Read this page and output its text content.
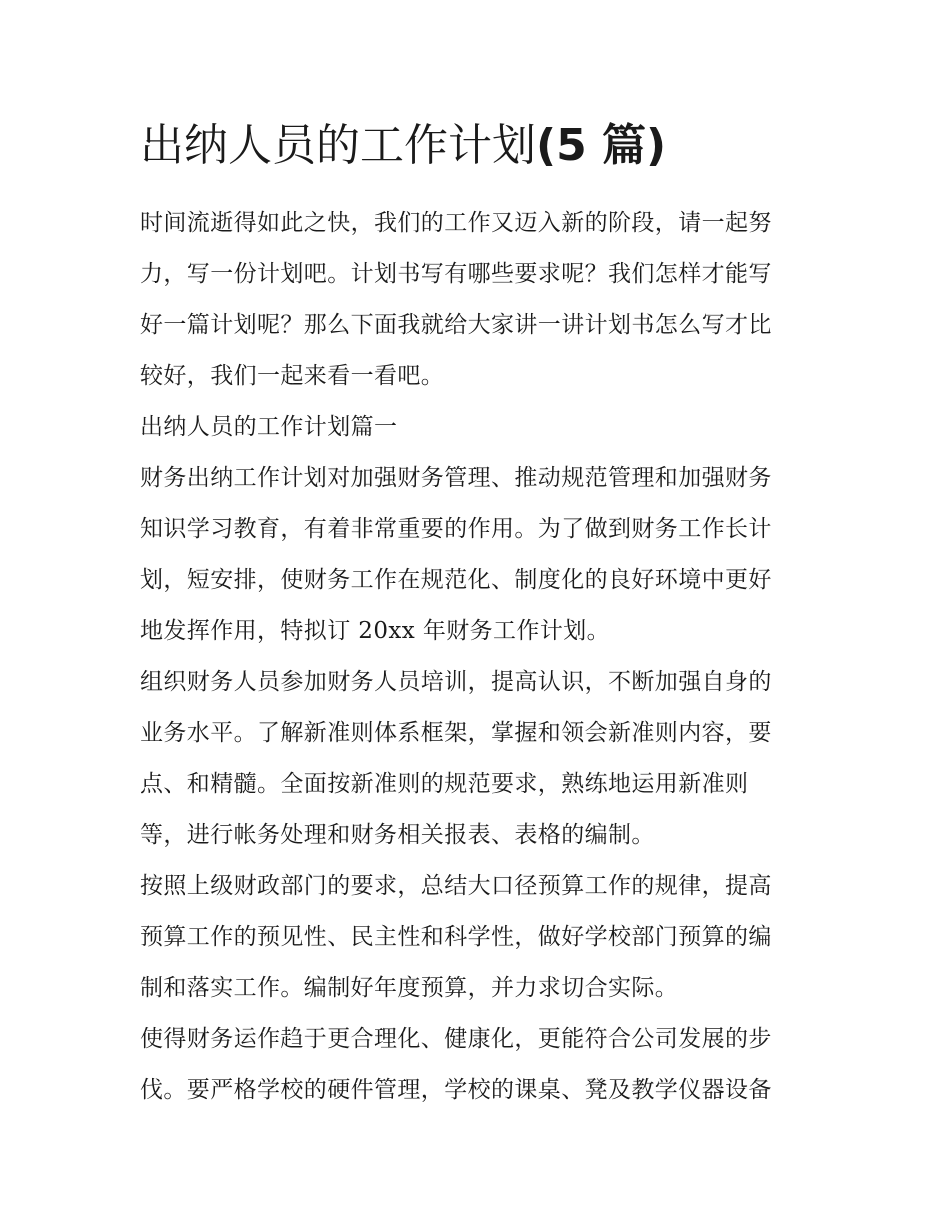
出纳人员的工作计划(5 篇)
时间流逝得如此之快，我们的工作又迈入新的阶段，请一起努
力，写一份计划吧。计划书写有哪些要求呢？我们怎样才能写
好一篇计划呢？那么下面我就给大家讲一讲计划书怎么写才比
较好，我们一起来看一看吧。
出纳人员的工作计划篇一
财务出纳工作计划对加强财务管理、推动规范管理和加强财务
知识学习教育，有着非常重要的作用。为了做到财务工作长计
划，短安排，使财务工作在规范化、制度化的良好环境中更好
地发挥作用，特拟订 20xx 年财务工作计划。
组织财务人员参加财务人员培训，提高认识，不断加强自身的
业务水平。了解新准则体系框架，掌握和领会新准则内容，要
点、和精髓。全面按新准则的规范要求，熟练地运用新准则
等，进行帐务处理和财务相关报表、表格的编制。
按照上级财政部门的要求，总结大口径预算工作的规律，提高
预算工作的预见性、民主性和科学性，做好学校部门预算的编
制和落实工作。编制好年度预算，并力求切合实际。
使得财务运作趋于更合理化、健康化，更能符合公司发展的步
伐。要严格学校的硬件管理，学校的课桌、凳及教学仪器设备
